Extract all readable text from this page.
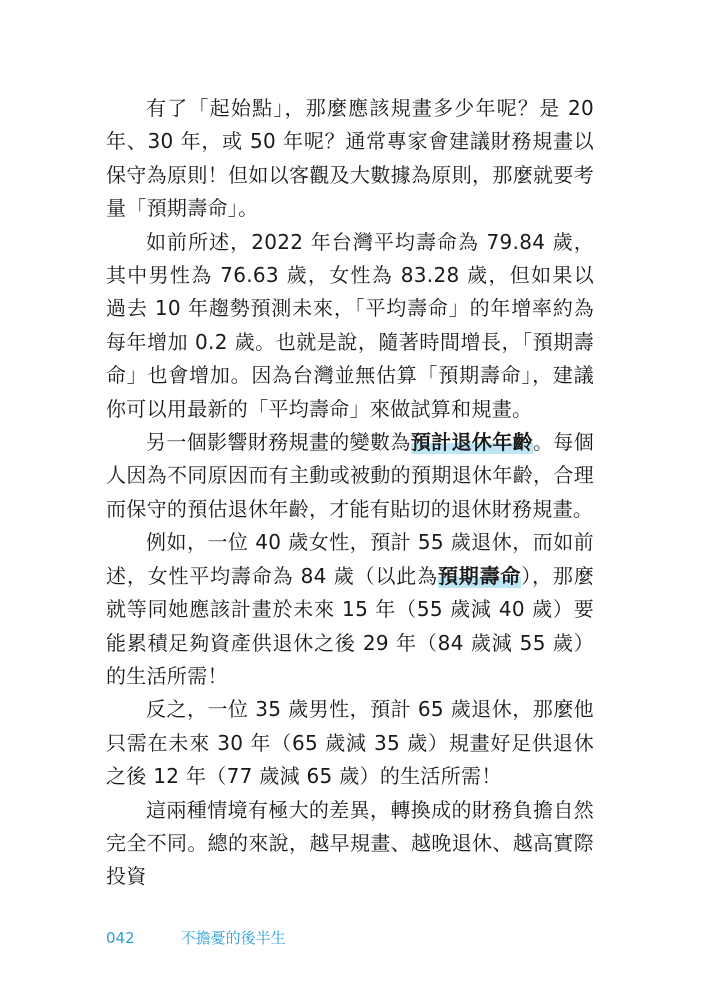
有了「起始點」，那麼應該規畫多少年呢？是 20 年、30 年，或 50 年呢？通常專家會建議財務規畫以保守為原則！但如以客觀及大數據為原則，那麼就要考量「預期壽命」。

如前所述，2022 年台灣平均壽命為 79.84 歲，其中男性為 76.63 歲，女性為 83.28 歲，但如果以過去 10 年趨勢預測未來，「平均壽命」的年增率約為每年增加 0.2 歲。也就是說，隨著時間增長，「預期壽命」也會增加。因為台灣並無估算「預期壽命」，建議你可以用最新的「平均壽命」來做試算和規畫。

另一個影響財務規畫的變數為預計退休年齡。每個人因為不同原因而有主動或被動的預期退休年齡，合理而保守的預估退休年齡，才能有貼切的退休財務規畫。

例如，一位 40 歲女性，預計 55 歲退休，而如前述，女性平均壽命為 84 歲（以此為預期壽命），那麼就等同她應該計畫於未來 15 年（55 歲減 40 歲）要能累積足夠資產供退休之後 29 年（84 歲減 55 歲）的生活所需！

反之，一位 35 歲男性，預計 65 歲退休，那麼他只需在未來 30 年（65 歲減 35 歲）規畫好足供退休之後 12 年（77 歲減 65 歲）的生活所需！

這兩種情境有極大的差異，轉換成的財務負擔自然完全不同。總的來說，越早規畫、越晚退休、越高實際投資

042	不擔憂的後半生
